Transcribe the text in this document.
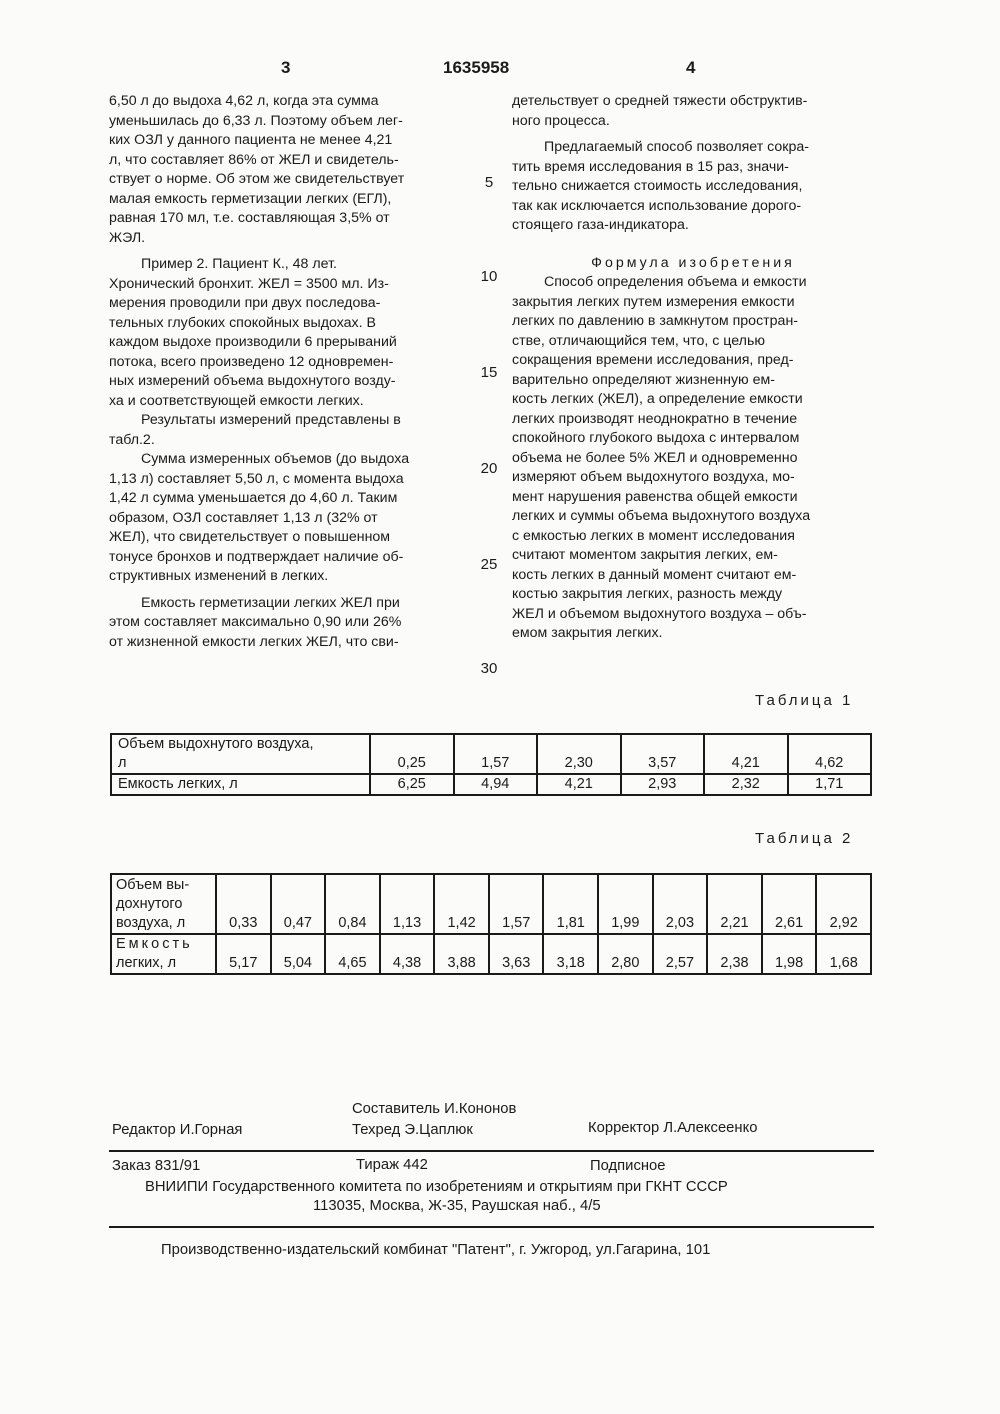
3	1635958	4

6,50 л до выдоха 4,62 л, когда эта сумма
уменьшилась до 6,33 л. Поэтому объем лег-
ких ОЗЛ у данного пациента не менее 4,21
л, что составляет 86% от ЖЕЛ и свидетель-
ствует о норме. Об этом же свидетельствует
малая емкость герметизации легких (ЕГЛ),
равная 170 мл, т.е. составляющая 3,5% от
ЖЭЛ.

Пример 2. Пациент К., 48 лет.
Хронический бронхит. ЖЕЛ = 3500 мл. Из-
мерения проводили при двух последова-
тельных глубоких спокойных выдохах. В
каждом выдохе производили 6 прерываний
потока, всего произведено 12 одновремен-
ных измерений объема выдохнутого возду-
ха и соответствующей емкости легких.

Результаты измерений представлены в
табл.2.

Сумма измеренных объемов (до выдоха
1,13 л) составляет 5,50 л, с момента выдоха
1,42 л сумма уменьшается до 4,60 л. Таким
образом, ОЗЛ составляет 1,13 л (32% от
ЖЕЛ), что свидетельствует о повышенном
тонусе бронхов и подтверждает наличие об-
структивных изменений в легких.

Емкость герметизации легких ЖЕЛ при
этом составляет максимально 0,90 или 26%
от жизненной емкости легких ЖЕЛ, что сви-

5
10
15
20
25
30

детельствует о средней тяжести обструктив-
ного процесса.

Предлагаемый способ позволяет сокра-
тить время исследования в 15 раз, значи-
тельно снижается стоимость исследования,
так как исключается использование дорого-
стоящего газа-индикатора.

Формула изобретения

Способ определения объема и емкости
закрытия легких путем измерения емкости
легких по давлению в замкнутом простран-
стве, отличающийся тем, что, с целью
сокращения времени исследования, пред-
варительно определяют жизненную ем-
кость легких (ЖЕЛ), а определение емкости
легких производят неоднократно в течение
спокойного глубокого выдоха с интервалом
объема не более 5% ЖЕЛ и одновременно
измеряют объем выдохнутого воздуха, мо-
мент нарушения равенства общей емкости
легких и суммы объема выдохнутого воздуха
с емкостью легких в момент исследования
считают моментом закрытия легких, ем-
кость легких в данный момент считают ем-
костью закрытия легких, разность между
ЖЕЛ и объемом выдохнутого воздуха – объ-
емом закрытия легких.

Таблица 1
Объем выдохнутого воздуха,
л	0,25	1,57	2,30	3,57	4,21	4,62
Емкость легких, л	6,25	4,94	4,21	2,93	2,32	1,71
Таблица 2
Объем вы-
дохнутого
воздуха, л	0,33	0,47	0,84	1,13	1,42	1,57	1,81	1,99	2,03	2,21	2,61	2,92
Емкость
легких, л	5,17	5,04	4,65	4,38	3,88	3,63	3,18	2,80	2,57	2,38	1,98	1,68
Составитель И.Кононов
Редактор И.Горная	Техред Э.Цаплюк	Корректор Л.Алексеенко
Заказ 831/91	Тираж 442	Подписное
ВНИИПИ Государственного комитета по изобретениям и открытиям при ГКНТ СССР
113035, Москва, Ж-35, Раушская наб., 4/5
Производственно-издательский комбинат "Патент", г. Ужгород, ул.Гагарина, 101
